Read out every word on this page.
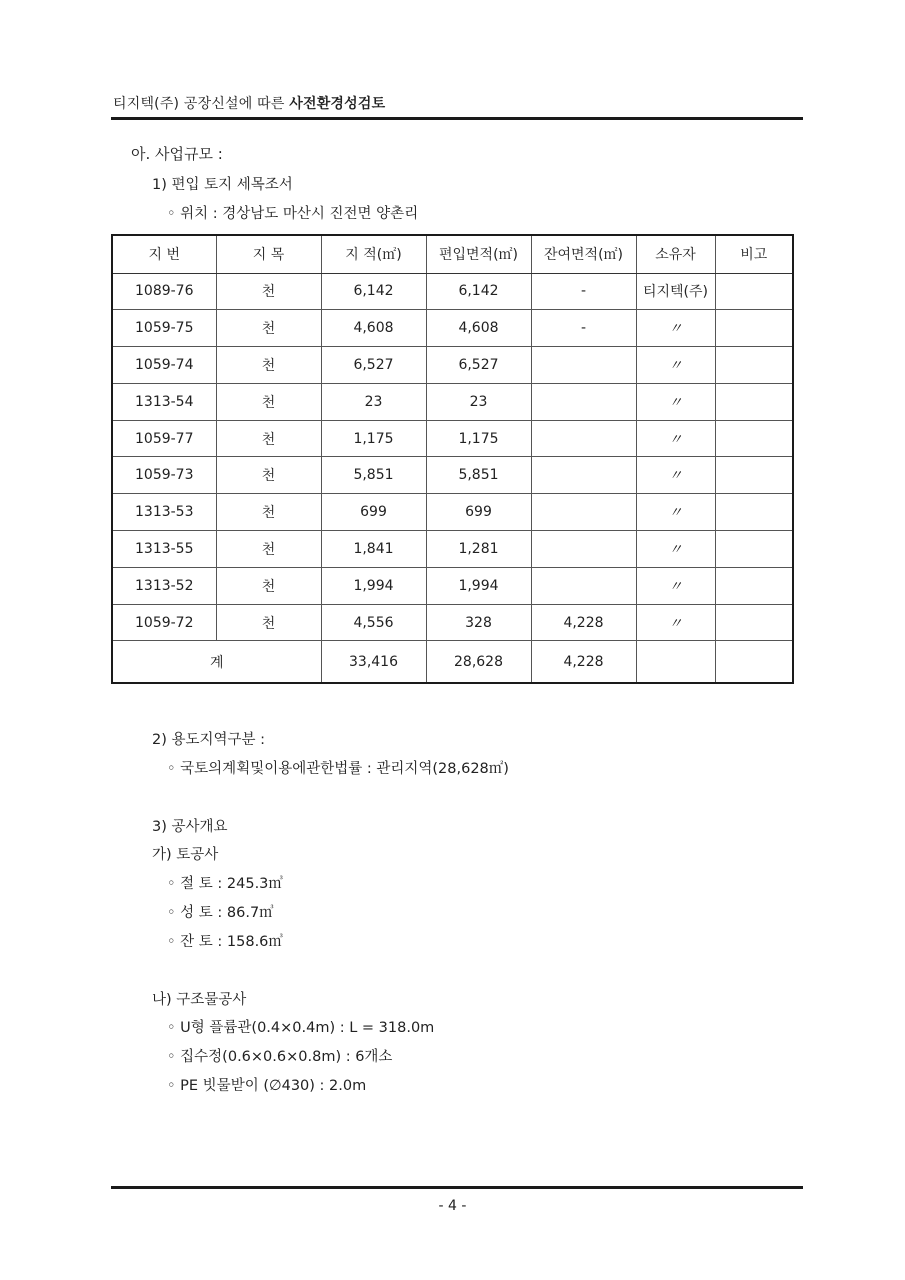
티지텍(주) 공장신설에 따른 사전환경성검토
아. 사업규모 :
1) 편입 토지 세목조서
◦ 위치 : 경상남도 마산시 진전면 양촌리
지 번	지 목	지 적(㎡)	편입면적(㎡)	잔여면적(㎡)	소유자	비고
1089-76	천	6,142	6,142	-	티지텍(주)	
1059-75	천	4,608	4,608	-	〃	
1059-74	천	6,527	6,527		〃	
1313-54	천	23	23		〃	
1059-77	천	1,175	1,175		〃	
1059-73	천	5,851	5,851		〃	
1313-53	천	699	699		〃	
1313-55	천	1,841	1,281		〃	
1313-52	천	1,994	1,994		〃	
1059-72	천	4,556	328	4,228	〃	
계		33,416	28,628	4,228		
2) 용도지역구분 :
◦ 국토의계획및이용에관한법률 : 관리지역(28,628㎡)
3) 공사개요
가) 토공사
◦ 절 토 : 245.3㎥
◦ 성 토 : 86.7㎥
◦ 잔 토 : 158.6㎥
나) 구조물공사
◦ U형 플륨관(0.4×0.4m) : L = 318.0m
◦ 집수정(0.6×0.6×0.8m) : 6개소
◦ PE 빗물받이 (∅430) : 2.0m
- 4 -
